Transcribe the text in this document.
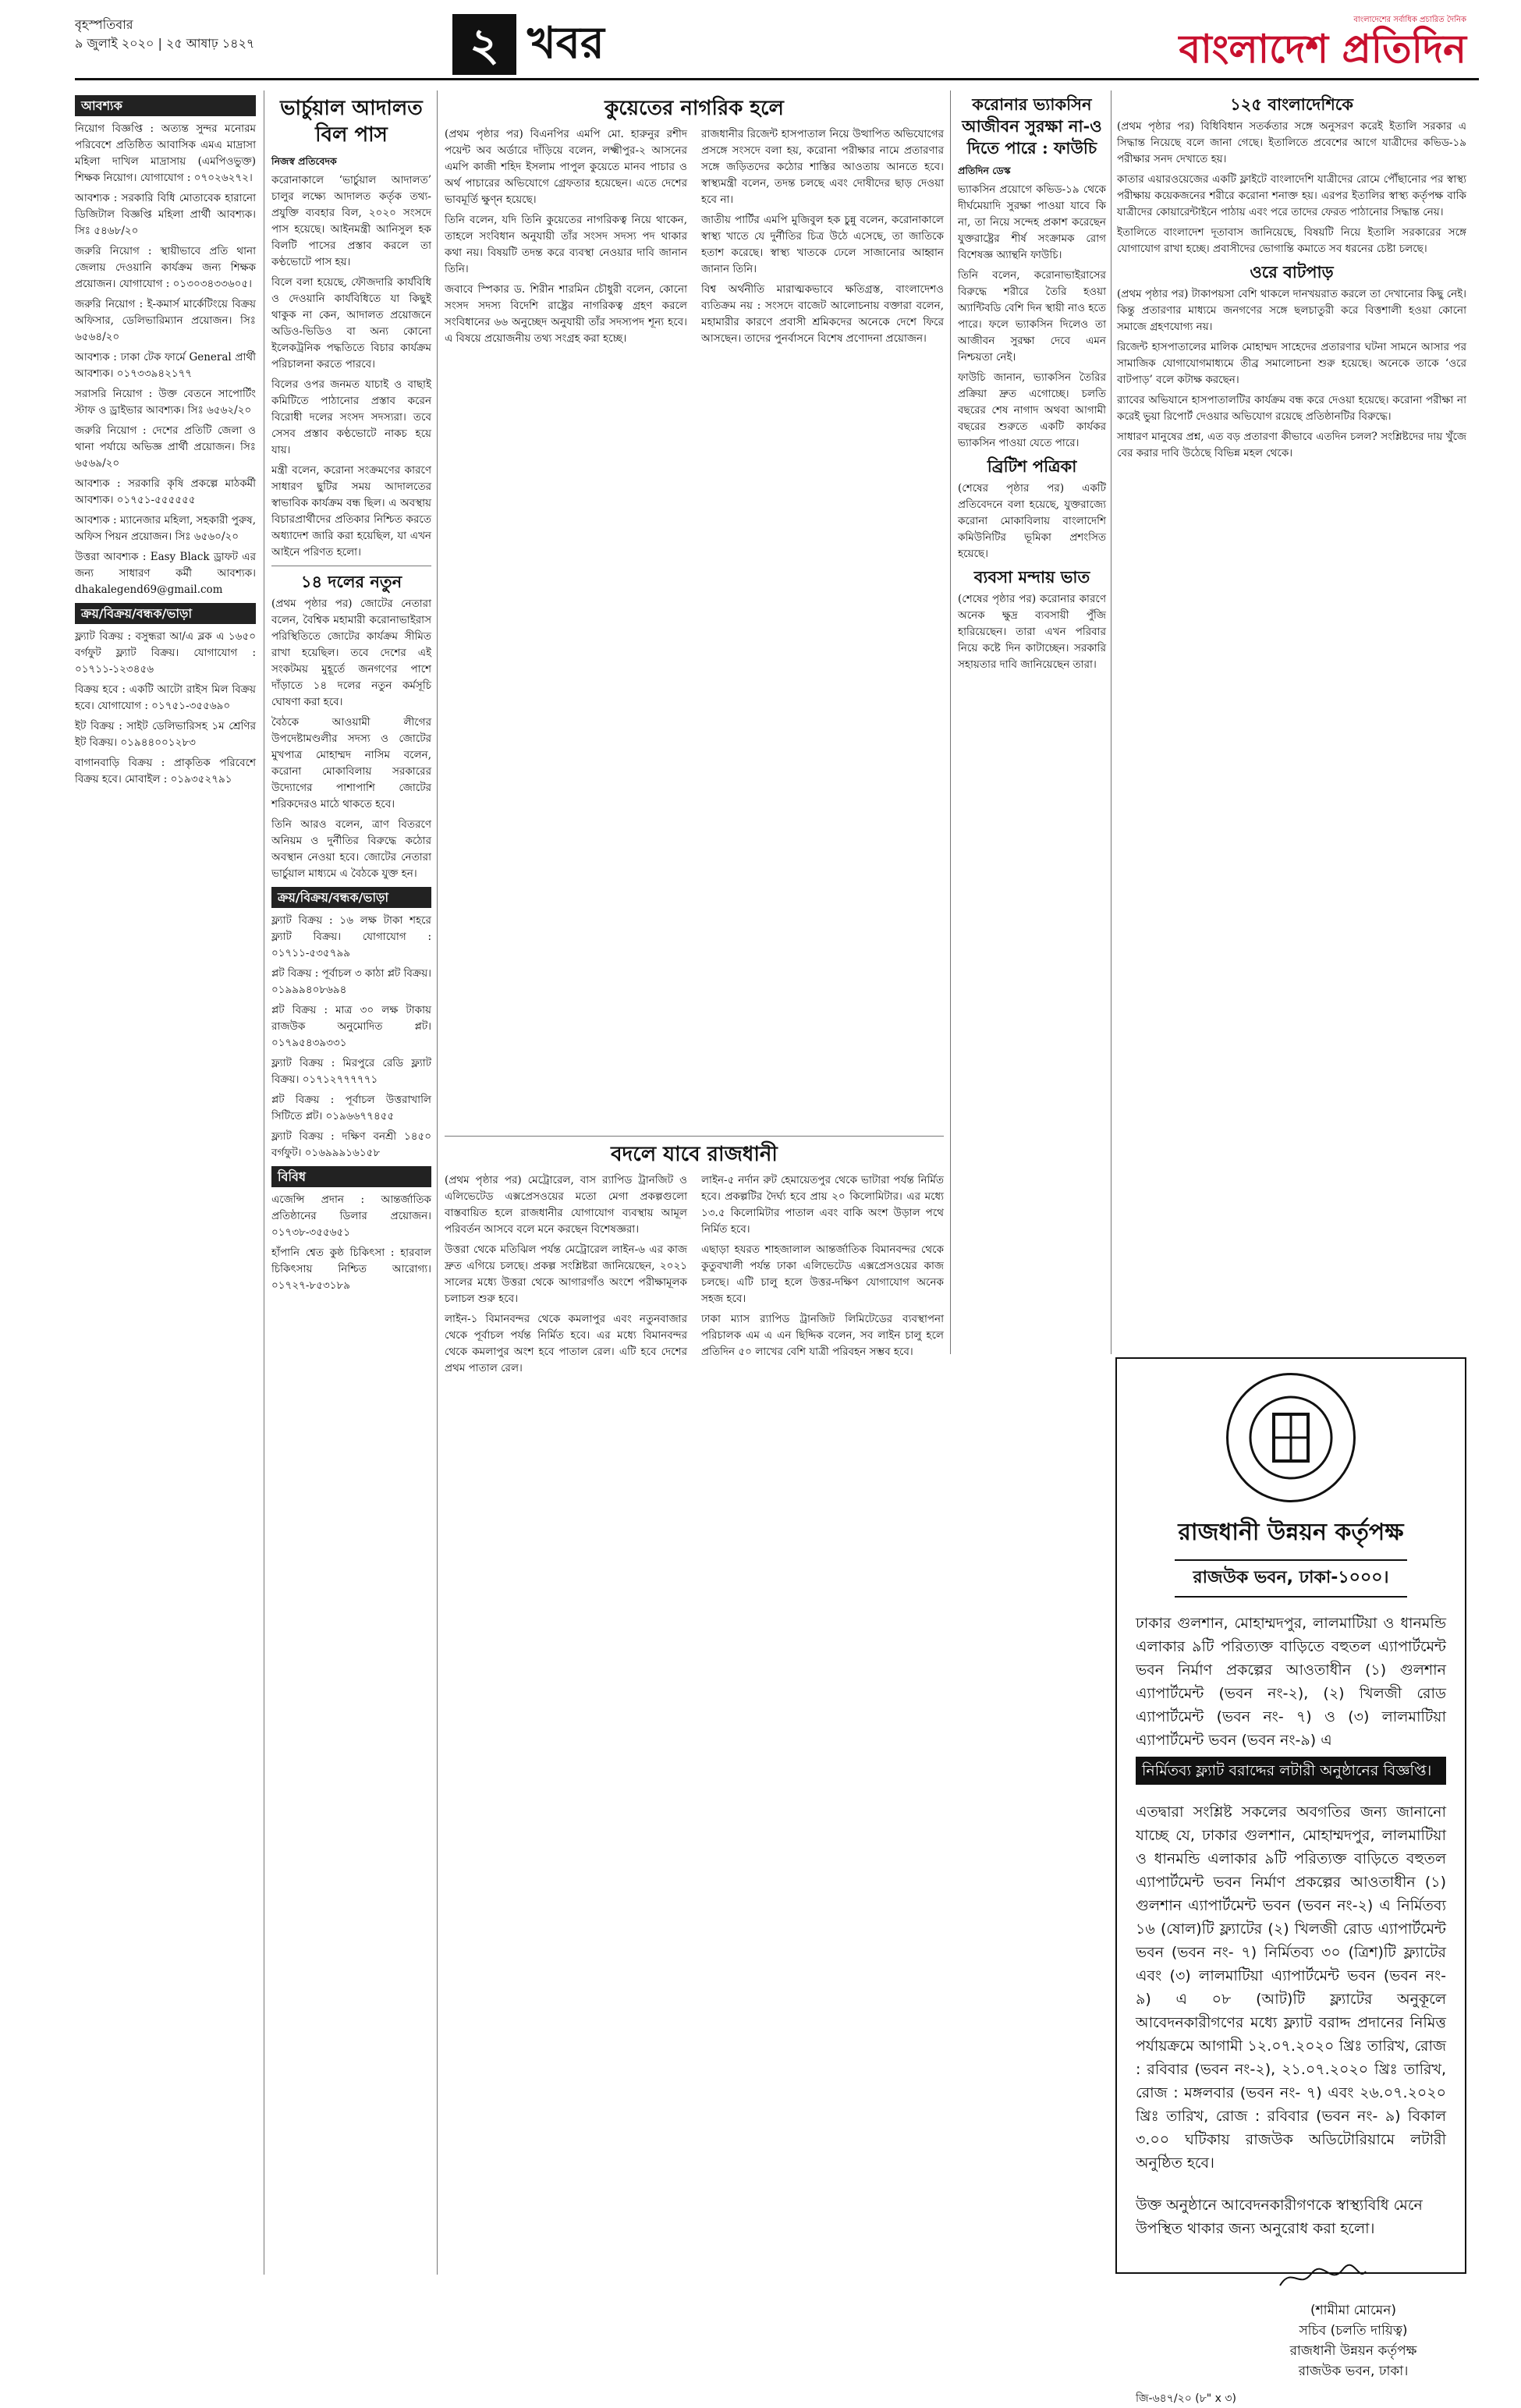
বৃহস্পতিবার
৯ জুলাই ২০২০ | ২৫ আষাঢ় ১৪২৭	২ খবর	বাংলাদেশের সর্বাধিক প্রচারিত দৈনিক
বাংলাদেশ প্রতিদিন
আবশ্যক

নিয়োগ বিজ্ঞপ্তি : অত্যন্ত সুন্দর মনোরম পরিবেশে প্রতিষ্ঠিত আবাসিক এমএ মাদ্রাসা মহিলা দাখিল মাদ্রাসায় (এমপিওভুক্ত) শিক্ষক নিয়োগ। যোগাযোগ : ০৭০২৬২৭২।

আবশ্যক : সরকারি বিধি মোতাবেক হারানো ডিজিটাল বিজ্ঞপ্তি মহিলা প্রার্থী আবশ্যক। সিঃ ৫৪৬৮/২০

জরুরি নিয়োগ : স্থায়ীভাবে প্রতি থানা জেলায় দেওয়ানি কার্যক্রম জন্য শিক্ষক প্রয়োজন। যোগাযোগ : ০১৩০৩৪৩৩৬০৫।

জরুরি নিয়োগ : ই-কমার্স মার্কেটিংয়ে বিক্রয় অফিসার, ডেলিভারিম্যান প্রয়োজন। সিঃ ৬৫৬৪/২০

আবশ্যক : ঢাকা টেক ফার্মে General প্রার্থী আবশ্যক। ০১৭৩৩৯৪২১৭৭

সরাসরি নিয়োগ : উক্ত বেতনে সাপোর্টিং স্টাফ ও ড্রাইভার আবশ্যক। সিঃ ৬৫৬২/২০

জরুরি নিয়োগ : দেশের প্রতিটি জেলা ও থানা পর্যায়ে অভিজ্ঞ প্রার্থী প্রয়োজন। সিঃ ৬৫৬৯/২০

আবশ্যক : সরকারি কৃষি প্রকল্পে মাঠকর্মী আবশ্যক। ০১৭৫১-৫৫৫৫৫৫

আবশ্যক : ম্যানেজার মহিলা, সহকারী পুরুষ, অফিস পিয়ন প্রয়োজন। সিঃ ৬৫৬০/২০

উত্তরা আবশ্যক : Easy Black ড্রাফট এর জন্য সাধারণ কর্মী আবশ্যক। dhakalegend69@gmail.com

ক্রয়/বিক্রয়/বন্ধক/ভাড়া

ফ্ল্যাট বিক্রয় : বসুন্ধরা আ/এ ব্লক এ ১৬৫০ বর্গফুট ফ্ল্যাট বিক্রয়। যোগাযোগ : ০১৭১১-১২৩৪৫৬

বিক্রয় হবে : একটি আটো রাইস মিল বিক্রয় হবে। যোগাযোগ : ০১৭৫১-৩৫৫৬৯০

ইট বিক্রয় : সাইট ডেলিভারিসহ ১ম শ্রেণির ইট বিক্রয়। ০১৯৪৪০০১২৮৩

বাগানবাড়ি বিক্রয় : প্রাকৃতিক পরিবেশে বিক্রয় হবে। মোবাইল : ০১৯৩৫২৭৯১

ভার্চুয়াল আদালত বিল পাস
নিজস্ব প্রতিবেদক

করোনাকালে ‘ভার্চুয়াল আদালত’ চালুর লক্ষ্যে আদালত কর্তৃক তথ্য-প্রযুক্তি ব্যবহার বিল, ২০২০ সংসদে পাস হয়েছে। আইনমন্ত্রী আনিসুল হক বিলটি পাসের প্রস্তাব করলে তা কণ্ঠভোটে পাস হয়।

বিলে বলা হয়েছে, ফৌজদারি কার্যবিধি ও দেওয়ানি কার্যবিধিতে যা কিছুই থাকুক না কেন, আদালত প্রয়োজনে অডিও-ভিডিও বা অন্য কোনো ইলেকট্রনিক পদ্ধতিতে বিচার কার্যক্রম পরিচালনা করতে পারবে।

বিলের ওপর জনমত যাচাই ও বাছাই কমিটিতে পাঠানোর প্রস্তাব করেন বিরোধী দলের সংসদ সদস্যরা। তবে সেসব প্রস্তাব কণ্ঠভোটে নাকচ হয়ে যায়।

মন্ত্রী বলেন, করোনা সংক্রমণের কারণে সাধারণ ছুটির সময় আদালতের স্বাভাবিক কার্যক্রম বন্ধ ছিল। এ অবস্থায় বিচারপ্রার্থীদের প্রতিকার নিশ্চিত করতে অধ্যাদেশ জারি করা হয়েছিল, যা এখন আইনে পরিণত হলো।

১৪ দলের নতুন

(প্রথম পৃষ্ঠার পর) জোটের নেতারা বলেন, বৈশ্বিক মহামারী করোনাভাইরাস পরিস্থিতিতে জোটের কার্যক্রম সীমিত রাখা হয়েছিল। তবে দেশের এই সংকটময় মুহূর্তে জনগণের পাশে দাঁড়াতে ১৪ দলের নতুন কর্মসূচি ঘোষণা করা হবে।

বৈঠকে আওয়ামী লীগের উপদেষ্টামণ্ডলীর সদস্য ও জোটের মুখপাত্র মোহাম্মদ নাসিম বলেন, করোনা মোকাবিলায় সরকারের উদ্যোগের পাশাপাশি জোটের শরিকদেরও মাঠে থাকতে হবে।

তিনি আরও বলেন, ত্রাণ বিতরণে অনিয়ম ও দুর্নীতির বিরুদ্ধে কঠোর অবস্থান নেওয়া হবে। জোটের নেতারা ভার্চুয়াল মাধ্যমে এ বৈঠকে যুক্ত হন।

ক্রয়/বিক্রয়/বন্ধক/ভাড়া

ফ্ল্যাট বিক্রয় : ১৬ লক্ষ টাকা শহরে ফ্ল্যাট বিক্রয়। যোগাযোগ : ০১৭১১-৫৩৫৭৯৯

প্লট বিক্রয় : পূর্বাচল ৩ কাঠা প্লট বিক্রয়। ০১৯৯৯৪০৮৬৯৪

প্লট বিক্রয় : মাত্র ৩০ লক্ষ টাকায় রাজউক অনুমোদিত প্লট। ০১৭৯৫৪৩৯৩৩১

ফ্ল্যাট বিক্রয় : মিরপুরে রেডি ফ্ল্যাট বিক্রয়। ০১৭১২৭৭৭৭৭১

প্লট বিক্রয় : পূর্বাচল উত্তরাখালি সিটিতে প্লট। ০১৯৬৬৭৭৪৫৫

ফ্ল্যাট বিক্রয় : দক্ষিণ বনশ্রী ১৪৫০ বর্গফুট। ০১৬৯৯৯১৬১৫৮

বিবিধ

এজেন্সি প্রদান : আন্তর্জাতিক প্রতিষ্ঠানের ডিলার প্রয়োজন। ০১৭৩৮-৩৫৫৬৫১

হাঁপানি শ্বেত কুষ্ঠ চিকিৎসা : হারবাল চিকিৎসায় নিশ্চিত আরোগ্য। ০১৭২৭-৮৫৩১৮৯

কুয়েতের নাগরিক হলে

(প্রথম পৃষ্ঠার পর) বিএনপির এমপি মো. হারুনুর রশীদ পয়েন্ট অব অর্ডারে দাঁড়িয়ে বলেন, লক্ষ্মীপুর-২ আসনের এমপি কাজী শহিদ ইসলাম পাপুল কুয়েতে মানব পাচার ও অর্থ পাচারের অভিযোগে গ্রেফতার হয়েছেন। এতে দেশের ভাবমূর্তি ক্ষুণ্ন হয়েছে।

তিনি বলেন, যদি তিনি কুয়েতের নাগরিকত্ব নিয়ে থাকেন, তাহলে সংবিধান অনুযায়ী তাঁর সংসদ সদস্য পদ থাকার কথা নয়। বিষয়টি তদন্ত করে ব্যবস্থা নেওয়ার দাবি জানান তিনি।

জবাবে স্পিকার ড. শিরীন শারমিন চৌধুরী বলেন, কোনো সংসদ সদস্য বিদেশি রাষ্ট্রের নাগরিকত্ব গ্রহণ করলে সংবিধানের ৬৬ অনুচ্ছেদ অনুযায়ী তাঁর সদস্যপদ শূন্য হবে। এ বিষয়ে প্রয়োজনীয় তথ্য সংগ্রহ করা হচ্ছে।

রাজধানীর রিজেন্ট হাসপাতাল নিয়ে উত্থাপিত অভিযোগের প্রসঙ্গে সংসদে বলা হয়, করোনা পরীক্ষার নামে প্রতারণার সঙ্গে জড়িতদের কঠোর শাস্তির আওতায় আনতে হবে। স্বাস্থ্যমন্ত্রী বলেন, তদন্ত চলছে এবং দোষীদের ছাড় দেওয়া হবে না।

জাতীয় পার্টির এমপি মুজিবুল হক চুন্নু বলেন, করোনাকালে স্বাস্থ্য খাতে যে দুর্নীতির চিত্র উঠে এসেছে, তা জাতিকে হতাশ করেছে। স্বাস্থ্য খাতকে ঢেলে সাজানোর আহ্বান জানান তিনি।

বিশ্ব অর্থনীতি মারাত্মকভাবে ক্ষতিগ্রস্ত, বাংলাদেশও ব্যতিক্রম নয় : সংসদে বাজেট আলোচনায় বক্তারা বলেন, মহামারীর কারণে প্রবাসী শ্রমিকদের অনেকে দেশে ফিরে আসছেন। তাদের পুনর্বাসনে বিশেষ প্রণোদনা প্রয়োজন।

বদলে যাবে রাজধানী

(প্রথম পৃষ্ঠার পর) মেট্রোরেল, বাস র‌্যাপিড ট্রানজিট ও এলিভেটেড এক্সপ্রেসওয়ের মতো মেগা প্রকল্পগুলো বাস্তবায়িত হলে রাজধানীর যোগাযোগ ব্যবস্থায় আমূল পরিবর্তন আসবে বলে মনে করছেন বিশেষজ্ঞরা।

উত্তরা থেকে মতিঝিল পর্যন্ত মেট্রোরেল লাইন-৬ এর কাজ দ্রুত এগিয়ে চলছে। প্রকল্প সংশ্লিষ্টরা জানিয়েছেন, ২০২১ সালের মধ্যে উত্তরা থেকে আগারগাঁও অংশে পরীক্ষামূলক চলাচল শুরু হবে।

লাইন-১ বিমানবন্দর থেকে কমলাপুর এবং নতুনবাজার থেকে পূর্বাচল পর্যন্ত নির্মিত হবে। এর মধ্যে বিমানবন্দর থেকে কমলাপুর অংশ হবে পাতাল রেল। এটি হবে দেশের প্রথম পাতাল রেল।

লাইন-৫ নর্দান রুট হেমায়েতপুর থেকে ভাটারা পর্যন্ত নির্মিত হবে। প্রকল্পটির দৈর্ঘ্য হবে প্রায় ২০ কিলোমিটার। এর মধ্যে ১৩.৫ কিলোমিটার পাতাল এবং বাকি অংশ উড়াল পথে নির্মিত হবে।

এছাড়া হযরত শাহজালাল আন্তর্জাতিক বিমানবন্দর থেকে কুতুবখালী পর্যন্ত ঢাকা এলিভেটেড এক্সপ্রেসওয়ের কাজ চলছে। এটি চালু হলে উত্তর-দক্ষিণ যোগাযোগ অনেক সহজ হবে।

ঢাকা ম্যাস র‌্যাপিড ট্রানজিট লিমিটেডের ব্যবস্থাপনা পরিচালক এম এ এন ছিদ্দিক বলেন, সব লাইন চালু হলে প্রতিদিন ৫০ লাখের বেশি যাত্রী পরিবহন সম্ভব হবে।

করোনার ভ্যাকসিন আজীবন সুরক্ষা না-ও দিতে পারে : ফাউচি
প্রতিদিন ডেস্ক

ভ্যাকসিন প্রয়োগে কভিড-১৯ থেকে দীর্ঘমেয়াদি সুরক্ষা পাওয়া যাবে কি না, তা নিয়ে সন্দেহ প্রকাশ করেছেন যুক্তরাষ্ট্রের শীর্ষ সংক্রামক রোগ বিশেষজ্ঞ অ্যান্থনি ফাউচি।

তিনি বলেন, করোনাভাইরাসের বিরুদ্ধে শরীরে তৈরি হওয়া অ্যান্টিবডি বেশি দিন স্থায়ী নাও হতে পারে। ফলে ভ্যাকসিন দিলেও তা আজীবন সুরক্ষা দেবে এমন নিশ্চয়তা নেই।

ফাউচি জানান, ভ্যাকসিন তৈরির প্রক্রিয়া দ্রুত এগোচ্ছে। চলতি বছরের শেষ নাগাদ অথবা আগামী বছরের শুরুতে একটি কার্যকর ভ্যাকসিন পাওয়া যেতে পারে।

ব্রিটিশ পত্রিকা

(শেষের পৃষ্ঠার পর) একটি প্রতিবেদনে বলা হয়েছে, যুক্তরাজ্যে করোনা মোকাবিলায় বাংলাদেশি কমিউনিটির ভূমিকা প্রশংসিত হয়েছে।

ব্যবসা মন্দায় ভাত

(শেষের পৃষ্ঠার পর) করোনার কারণে অনেক ক্ষুদ্র ব্যবসায়ী পুঁজি হারিয়েছেন। তারা এখন পরিবার নিয়ে কষ্টে দিন কাটাচ্ছেন। সরকারি সহায়তার দাবি জানিয়েছেন তারা।

১২৫ বাংলাদেশিকে

(প্রথম পৃষ্ঠার পর) বিধিবিধান সতর্কতার সঙ্গে অনুসরণ করেই ইতালি সরকার এ সিদ্ধান্ত নিয়েছে বলে জানা গেছে। ইতালিতে প্রবেশের আগে যাত্রীদের কভিড-১৯ পরীক্ষার সনদ দেখাতে হয়।

কাতার এয়ারওয়েজের একটি ফ্লাইটে বাংলাদেশি যাত্রীদের রোমে পৌঁছানোর পর স্বাস্থ্য পরীক্ষায় কয়েকজনের শরীরে করোনা শনাক্ত হয়। এরপর ইতালির স্বাস্থ্য কর্তৃপক্ষ বাকি যাত্রীদের কোয়ারেন্টাইনে পাঠায় এবং পরে তাদের ফেরত পাঠানোর সিদ্ধান্ত নেয়।

ইতালিতে বাংলাদেশ দূতাবাস জানিয়েছে, বিষয়টি নিয়ে ইতালি সরকারের সঙ্গে যোগাযোগ রাখা হচ্ছে। প্রবাসীদের ভোগান্তি কমাতে সব ধরনের চেষ্টা চলছে।

ওরে বাটপাড়

(প্রথম পৃষ্ঠার পর) টাকাপয়সা বেশি থাকলে দানখয়রাত করলে তা দেখানোর কিছু নেই। কিন্তু প্রতারণার মাধ্যমে জনগণের সঙ্গে ছলচাতুরী করে বিত্তশালী হওয়া কোনো সমাজে গ্রহণযোগ্য নয়।

রিজেন্ট হাসপাতালের মালিক মোহাম্মদ সাহেদের প্রতারণার ঘটনা সামনে আসার পর সামাজিক যোগাযোগমাধ্যমে তীব্র সমালোচনা শুরু হয়েছে। অনেকে তাকে ‘ওরে বাটপাড়’ বলে কটাক্ষ করছেন।

র‌্যাবের অভিযানে হাসপাতালটির কার্যক্রম বন্ধ করে দেওয়া হয়েছে। করোনা পরীক্ষা না করেই ভুয়া রিপোর্ট দেওয়ার অভিযোগ রয়েছে প্রতিষ্ঠানটির বিরুদ্ধে।

সাধারণ মানুষের প্রশ্ন, এত বড় প্রতারণা কীভাবে এতদিন চলল? সংশ্লিষ্টদের দায় খুঁজে বের করার দাবি উঠেছে বিভিন্ন মহল থেকে।

রাজধানী উন্নয়ন কর্তৃপক্ষ
রাজউক ভবন, ঢাকা-১০০০।
ঢাকার গুলশান, মোহাম্মদপুর, লালমাটিয়া ও ধানমন্ডি এলাকার ৯টি পরিত্যক্ত বাড়িতে বহুতল এ্যাপার্টমেন্ট ভবন নির্মাণ প্রকল্পের আওতাধীন (১) গুলশান এ্যাপার্টমেন্ট (ভবন নং-২), (২) খিলজী রোড এ্যাপার্টমেন্ট (ভবন নং- ৭) ও (৩) লালমাটিয়া এ্যাপার্টমেন্ট ভবন (ভবন নং-৯) এ
নির্মিতব্য ফ্ল্যাট বরাদ্দের লটারী অনুষ্ঠানের বিজ্ঞপ্তি।
এতদ্বারা সংশ্লিষ্ট সকলের অবগতির জন্য জানানো যাচ্ছে যে, ঢাকার গুলশান, মোহাম্মদপুর, লালমাটিয়া ও ধানমন্ডি এলাকার ৯টি পরিত্যক্ত বাড়িতে বহুতল এ্যাপার্টমেন্ট ভবন নির্মাণ প্রকল্পের আওতাধীন (১) গুলশান এ্যাপার্টমেন্ট ভবন (ভবন নং-২) এ নির্মিতব্য ১৬ (ষোল)টি ফ্ল্যাটের (২) খিলজী রোড এ্যাপার্টমেন্ট ভবন (ভবন নং- ৭) নির্মিতব্য ৩০ (ত্রিশ)টি ফ্ল্যাটের এবং (৩) লালমাটিয়া এ্যাপার্টমেন্ট ভবন (ভবন নং- ৯) এ ০৮ (আট)টি ফ্ল্যাটের অনুকূলে আবেদনকারীগণের মধ্যে ফ্ল্যাট বরাদ্দ প্রদানের নিমিত্ত পর্যায়ক্রমে আগামী ১২.০৭.২০২০ খ্রিঃ তারিখ, রোজ : রবিবার (ভবন নং-২), ২১.০৭.২০২০ খ্রিঃ তারিখ, রোজ : মঙ্গলবার (ভবন নং- ৭) এবং ২৬.০৭.২০২০ খ্রিঃ তারিখ, রোজ : রবিবার (ভবন নং- ৯) বিকাল ৩.০০ ঘটিকায় রাজউক অডিটোরিয়ামে লটারী অনুষ্ঠিত হবে।
উক্ত অনুষ্ঠানে আবেদনকারীগণকে স্বাস্থ্যবিধি মেনে উপস্থিত থাকার জন্য অনুরোধ করা হলো।
(শামীমা মোমেন)
সচিব (চলতি দায়িত্ব)
রাজধানী উন্নয়ন কর্তৃপক্ষ
রাজউক ভবন, ঢাকা।
জি-৬৪৭/২০ (৮" x ৩)
